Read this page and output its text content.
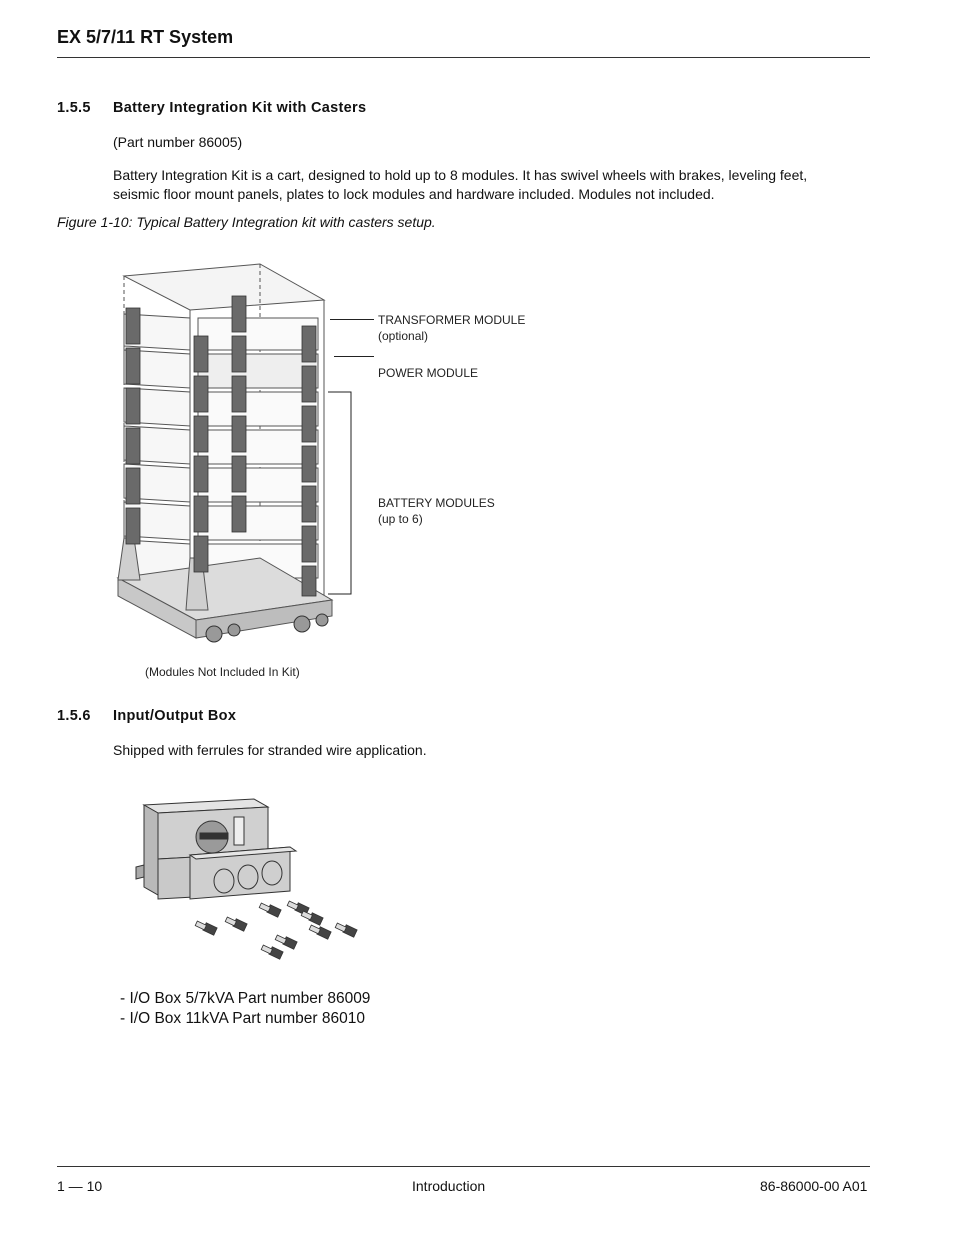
EX 5/7/11 RT System
1.5.5 Battery Integration Kit with Casters
(Part number 86005)
Battery Integration Kit is a cart, designed to hold up to 8 modules. It has swivel wheels with brakes, leveling feet, seismic floor mount panels, plates to lock modules and hardware included. Modules not included.
Figure 1-10: Typical Battery Integration kit with casters setup.
TRANSFORMER MODULE
(optional)
POWER MODULE
BATTERY MODULES
(up to 6)
(Modules Not Included In Kit)
1.5.6 Input/Output Box
Shipped with ferrules for stranded wire application.
- I/O Box 5/7kVA Part number 86009
- I/O Box 11kVA Part number 86010
1 — 10	Introduction	86-86000-00 A01
